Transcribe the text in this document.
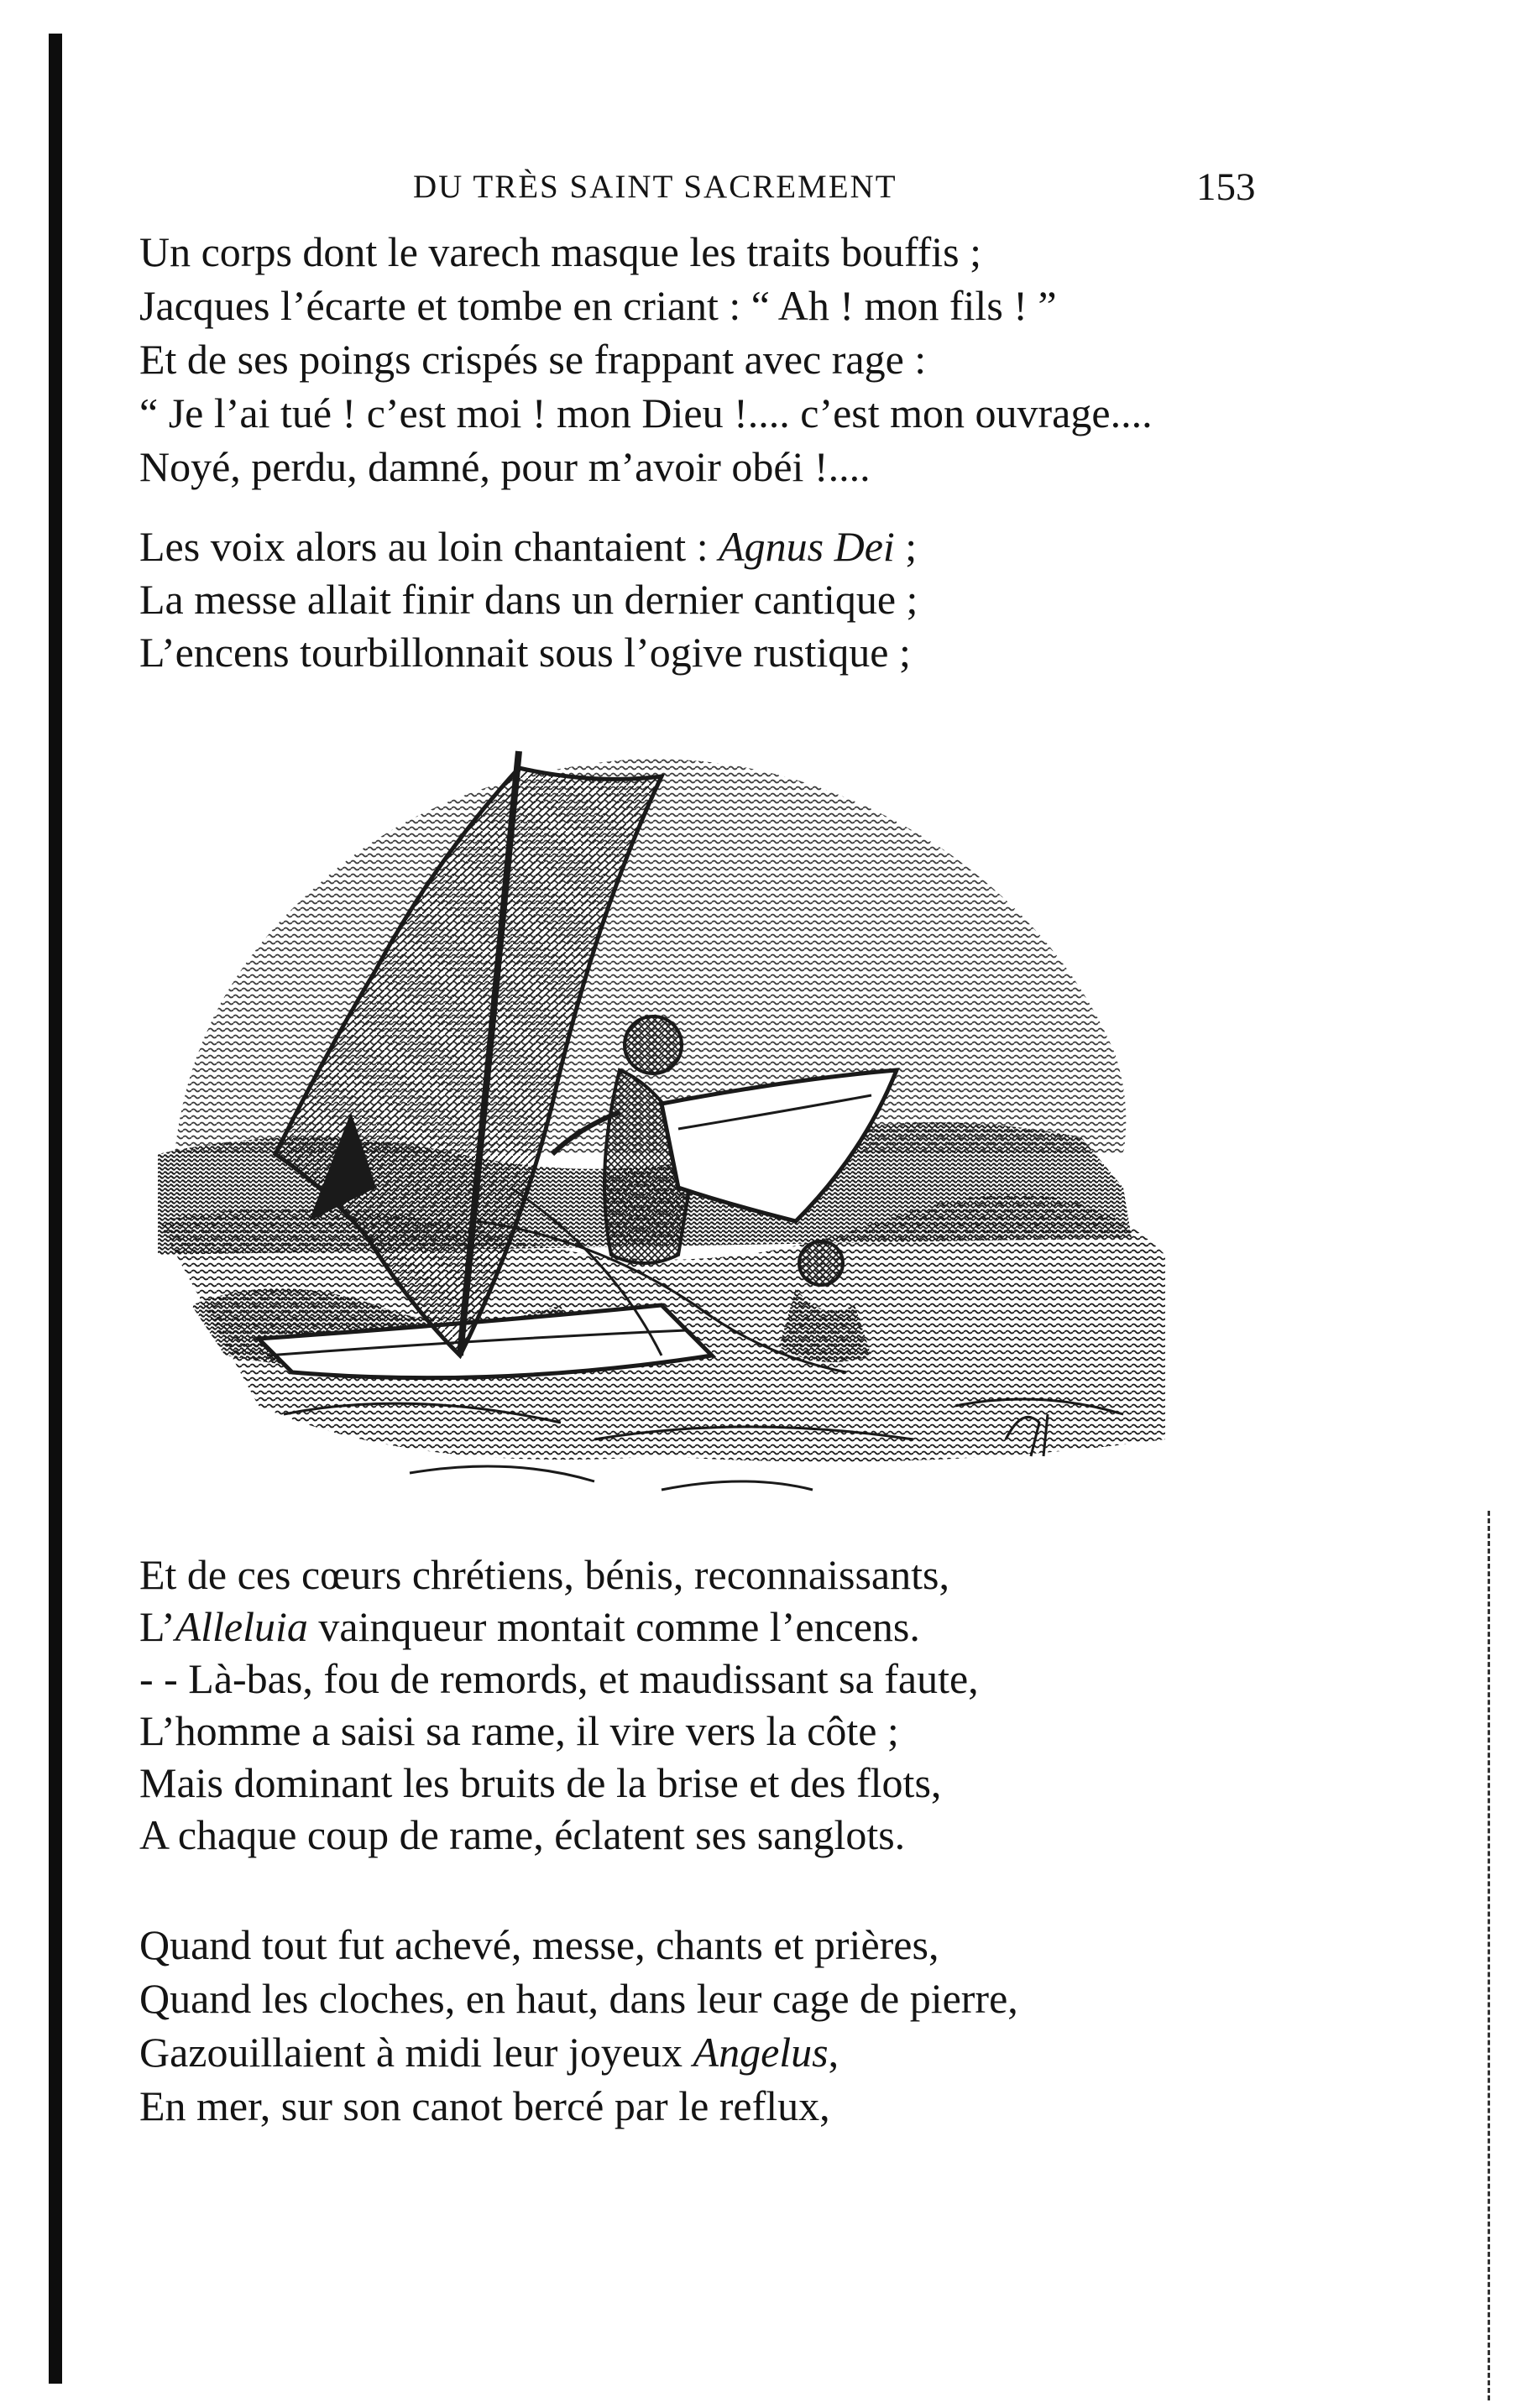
DU TRÈS SAINT SACREMENT	153
Un corps dont le varech masque les traits bouffis ;
Jacques l’écarte et tombe en criant : “ Ah ! mon fils ! ”
Et de ses poings crispés se frappant avec rage :
“ Je l’ai tué ! c’est moi ! mon Dieu !.... c’est mon ouvrage....
Noyé, perdu, damné, pour m’avoir obéi !....
Les voix alors au loin chantaient : Agnus Dei ;
La messe allait finir dans un dernier cantique ;
L’encens tourbillonnait sous l’ogive rustique ;
Et de ces cœurs chrétiens, bénis, reconnaissants,
L’Alleluia vainqueur montait comme l’encens.
- - Là-bas, fou de remords, et maudissant sa faute,
L’homme a saisi sa rame, il vire vers la côte ;
Mais dominant les bruits de la brise et des flots,
A chaque coup de rame, éclatent ses sanglots.
Quand tout fut achevé, messe, chants et prières,
Quand les cloches, en haut, dans leur cage de pierre,
Gazouillaient à midi leur joyeux Angelus,
En mer, sur son canot bercé par le reflux,
